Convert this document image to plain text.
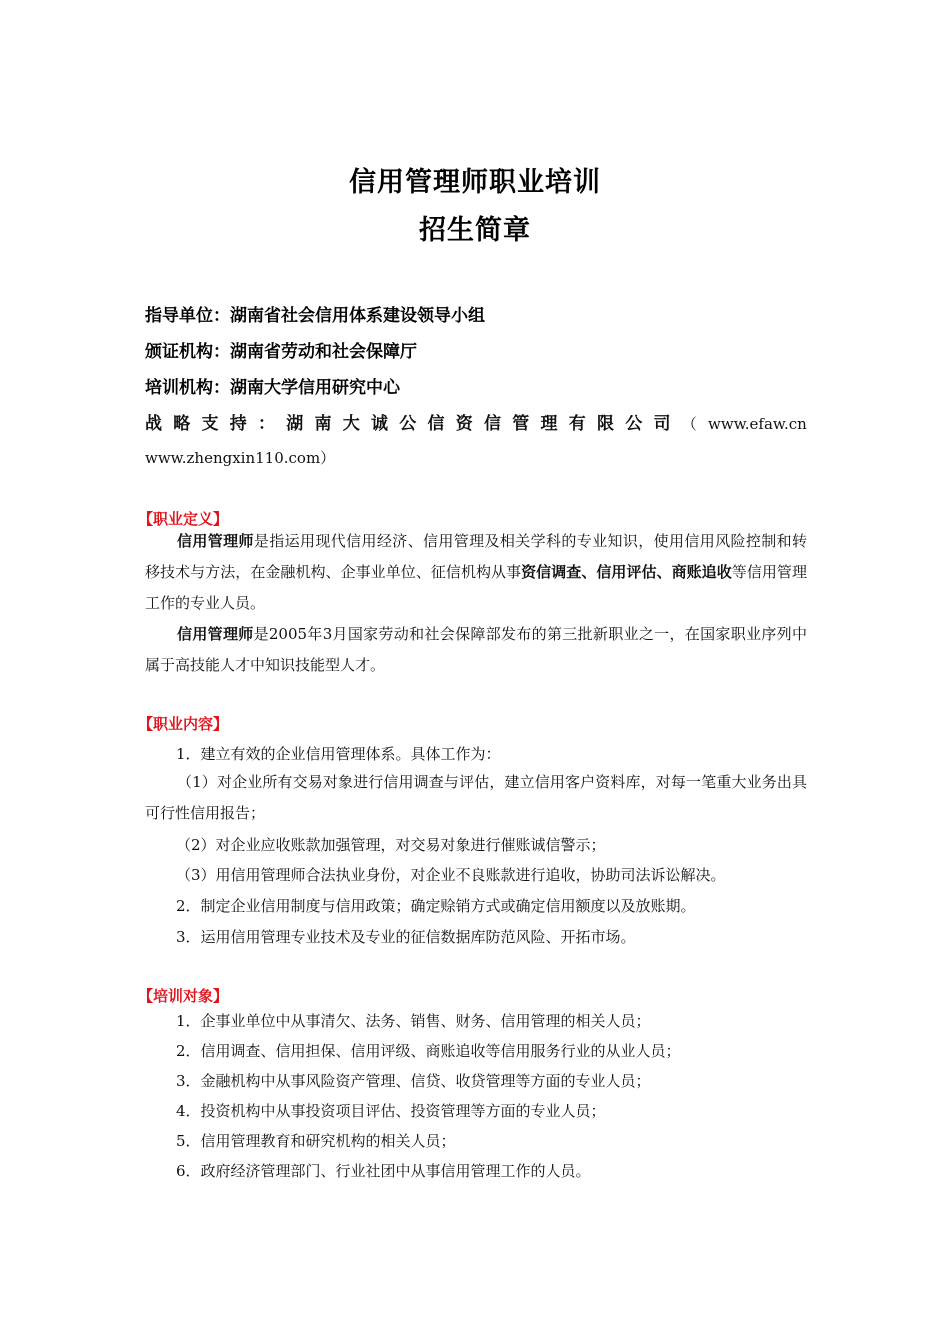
信用管理师职业培训
招生简章
指导单位：湖南省社会信用体系建设领导小组
颁证机构：湖南省劳动和社会保障厅
培训机构：湖南大学信用研究中心
战 略 支 持 ： 湖 南 大 诚 公 信 资 信 管 理 有 限 公 司 （ www.efaw.cn
www.zhengxin110.com）
【职业定义】
信用管理师是指运用现代信用经济、信用管理及相关学科的专业知识，使用信用风险控制和转移技术与方法，在金融机构、企事业单位、征信机构从事资信调查、信用评估、商账追收等信用管理工作的专业人员。
信用管理师是2005年3月国家劳动和社会保障部发布的第三批新职业之一，在国家职业序列中属于高技能人才中知识技能型人才。
【职业内容】
1．建立有效的企业信用管理体系。具体工作为：
（1）对企业所有交易对象进行信用调查与评估，建立信用客户资料库，对每一笔重大业务出具可行性信用报告；
（2）对企业应收账款加强管理，对交易对象进行催账诚信警示；
（3）用信用管理师合法执业身份，对企业不良账款进行追收，协助司法诉讼解决。
2．制定企业信用制度与信用政策；确定赊销方式或确定信用额度以及放账期。
3．运用信用管理专业技术及专业的征信数据库防范风险、开拓市场。
【培训对象】
1．企事业单位中从事清欠、法务、销售、财务、信用管理的相关人员；
2．信用调查、信用担保、信用评级、商账追收等信用服务行业的从业人员；
3．金融机构中从事风险资产管理、信贷、收贷管理等方面的专业人员；
4．投资机构中从事投资项目评估、投资管理等方面的专业人员；
5．信用管理教育和研究机构的相关人员；
6．政府经济管理部门、行业社团中从事信用管理工作的人员。
